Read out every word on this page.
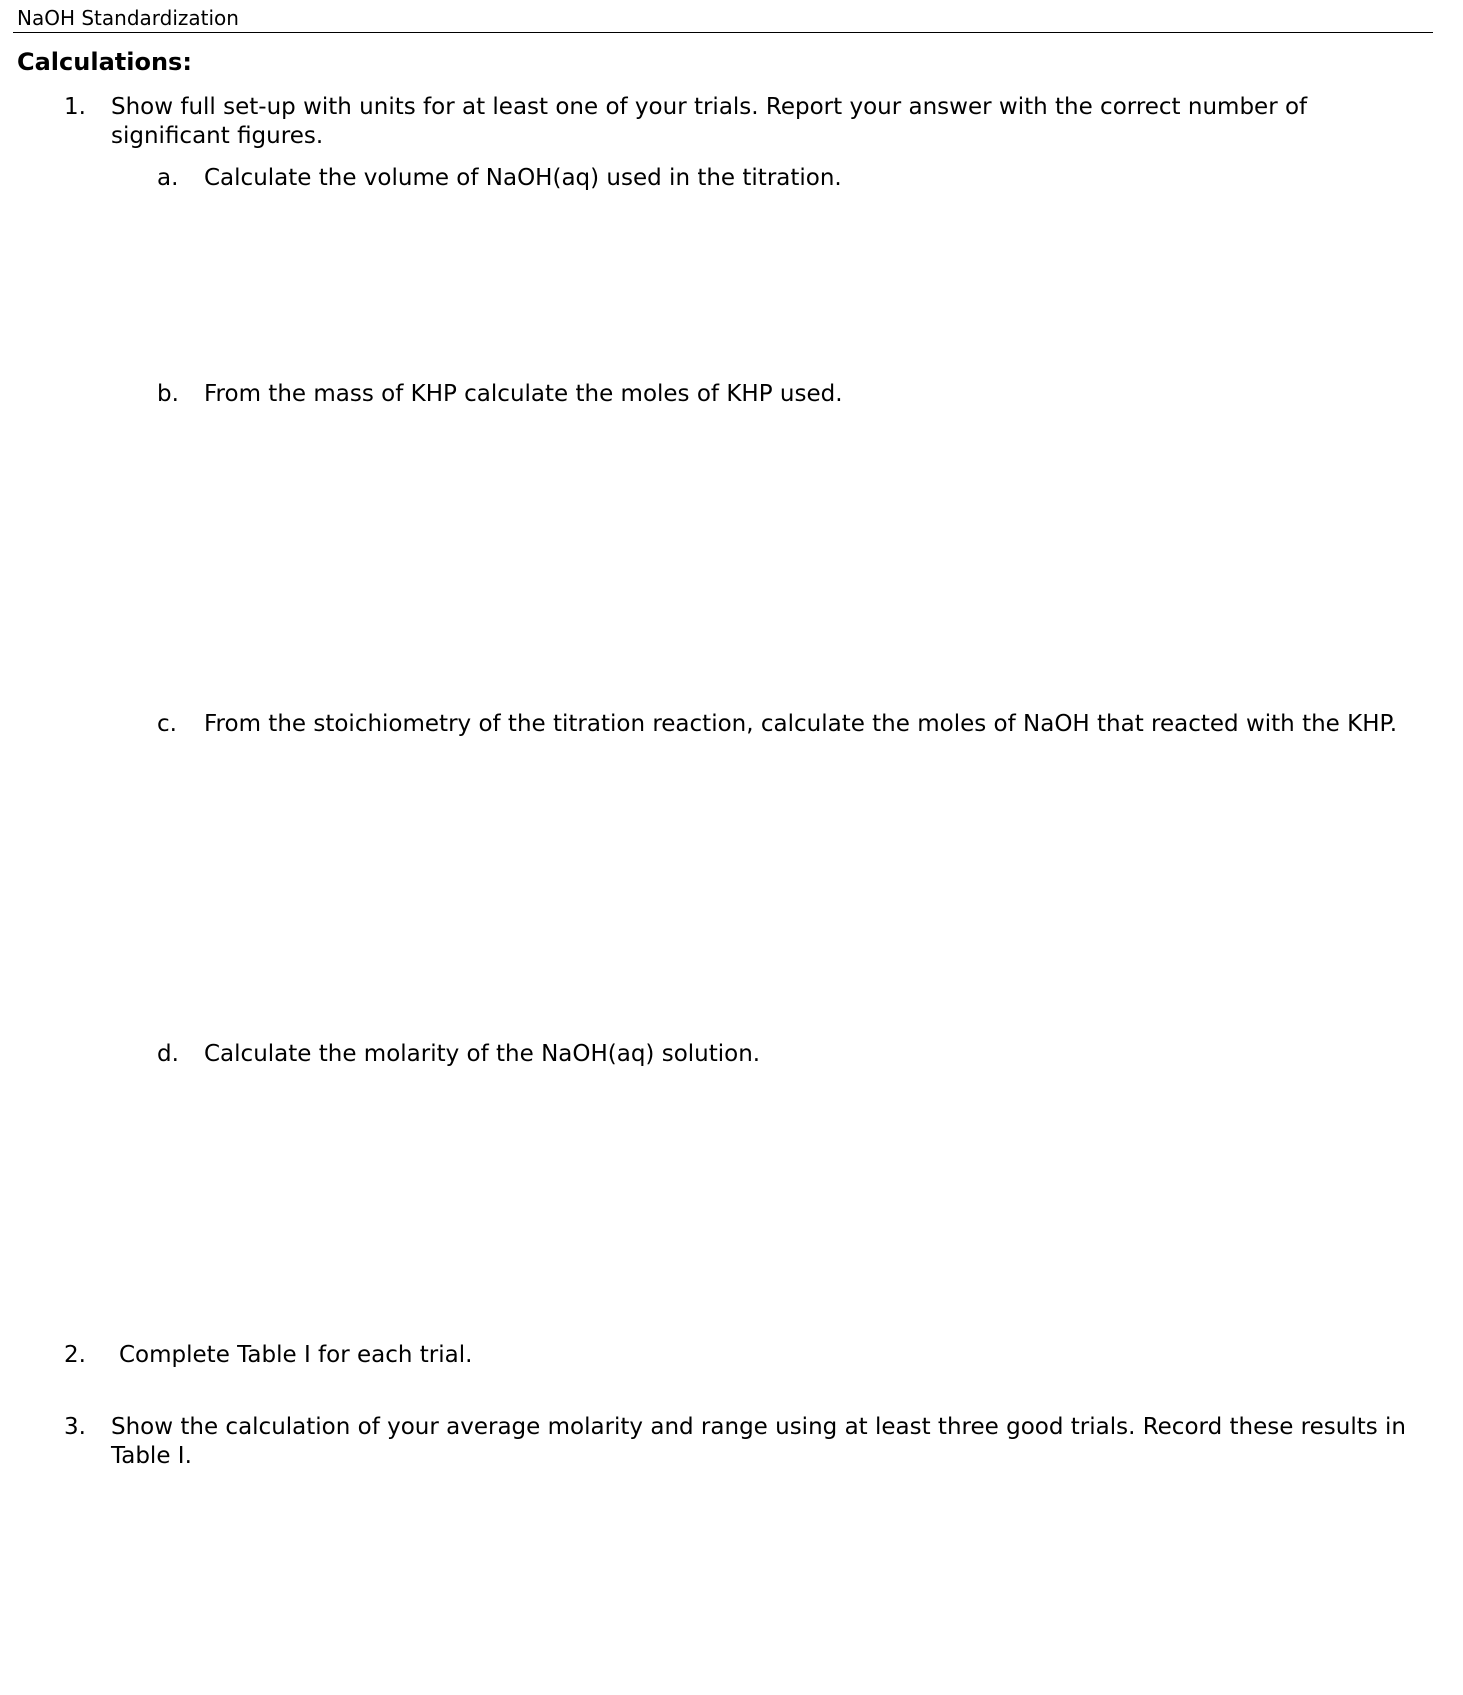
NaOH Standardization
Calculations:
1. Show full set-up with units for at least one of your trials. Report your answer with the correct number of significant figures.
a. Calculate the volume of NaOH(aq) used in the titration.
b. From the mass of KHP calculate the moles of KHP used.
c. From the stoichiometry of the titration reaction, calculate the moles of NaOH that reacted with the KHP.
d. Calculate the molarity of the NaOH(aq) solution.
2. Complete Table I for each trial.
3. Show the calculation of your average molarity and range using at least three good trials. Record these results in Table I.
